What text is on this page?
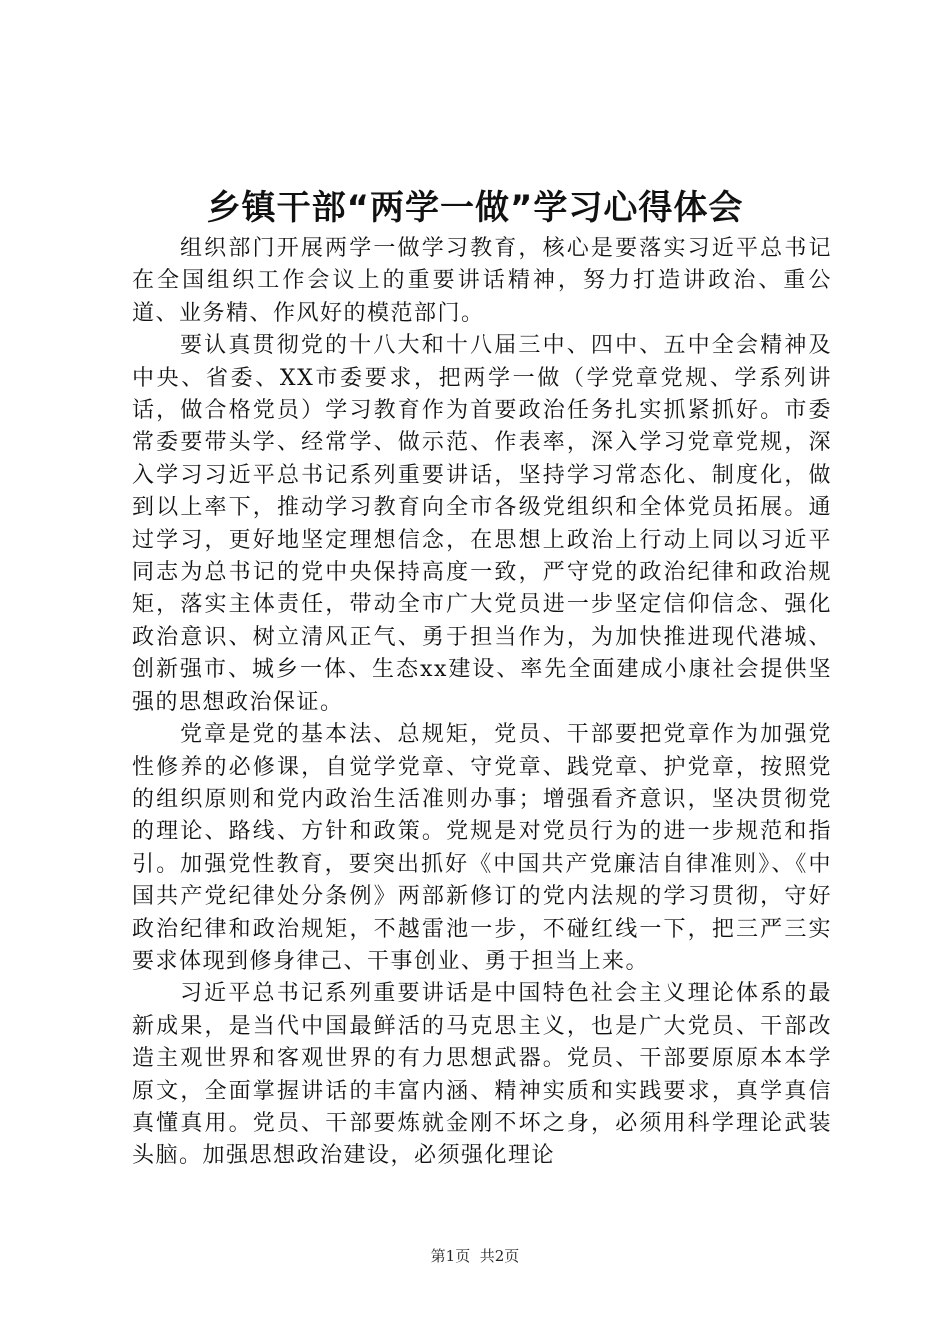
乡镇干部“两学一做”学习心得体会

组织部门开展两学一做学习教育，核心是要落实习近平总书记在全国组织工作会议上的重要讲话精神，努力打造讲政治、重公道、业务精、作风好的模范部门。

要认真贯彻党的十八大和十八届三中、四中、五中全会精神及中央、省委、XX市委要求，把两学一做（学党章党规、学系列讲话，做合格党员）学习教育作为首要政治任务扎实抓紧抓好。市委常委要带头学、经常学、做示范、作表率，深入学习党章党规，深入学习习近平总书记系列重要讲话，坚持学习常态化、制度化，做到以上率下，推动学习教育向全市各级党组织和全体党员拓展。通过学习，更好地坚定理想信念，在思想上政治上行动上同以习近平同志为总书记的党中央保持高度一致，严守党的政治纪律和政治规矩，落实主体责任，带动全市广大党员进一步坚定信仰信念、强化政治意识、树立清风正气、勇于担当作为，为加快推进现代港城、创新强市、城乡一体、生态xx建设、率先全面建成小康社会提供坚强的思想政治保证。

党章是党的基本法、总规矩，党员、干部要把党章作为加强党性修养的必修课，自觉学党章、守党章、践党章、护党章，按照党的组织原则和党内政治生活准则办事；增强看齐意识，坚决贯彻党的理论、路线、方针和政策。党规是对党员行为的进一步规范和指引。加强党性教育，要突出抓好《中国共产党廉洁自律准则》、《中国共产党纪律处分条例》两部新修订的党内法规的学习贯彻，守好政治纪律和政治规矩，不越雷池一步，不碰红线一下，把三严三实要求体现到修身律己、干事创业、勇于担当上来。

习近平总书记系列重要讲话是中国特色社会主义理论体系的最新成果，是当代中国最鲜活的马克思主义，也是广大党员、干部改造主观世界和客观世界的有力思想武器。党员、干部要原原本本学原文，全面掌握讲话的丰富内涵、精神实质和实践要求，真学真信真懂真用。党员、干部要炼就金刚不坏之身，必须用科学理论武装头脑。加强思想政治建设，必须强化理论

第1页 共2页
